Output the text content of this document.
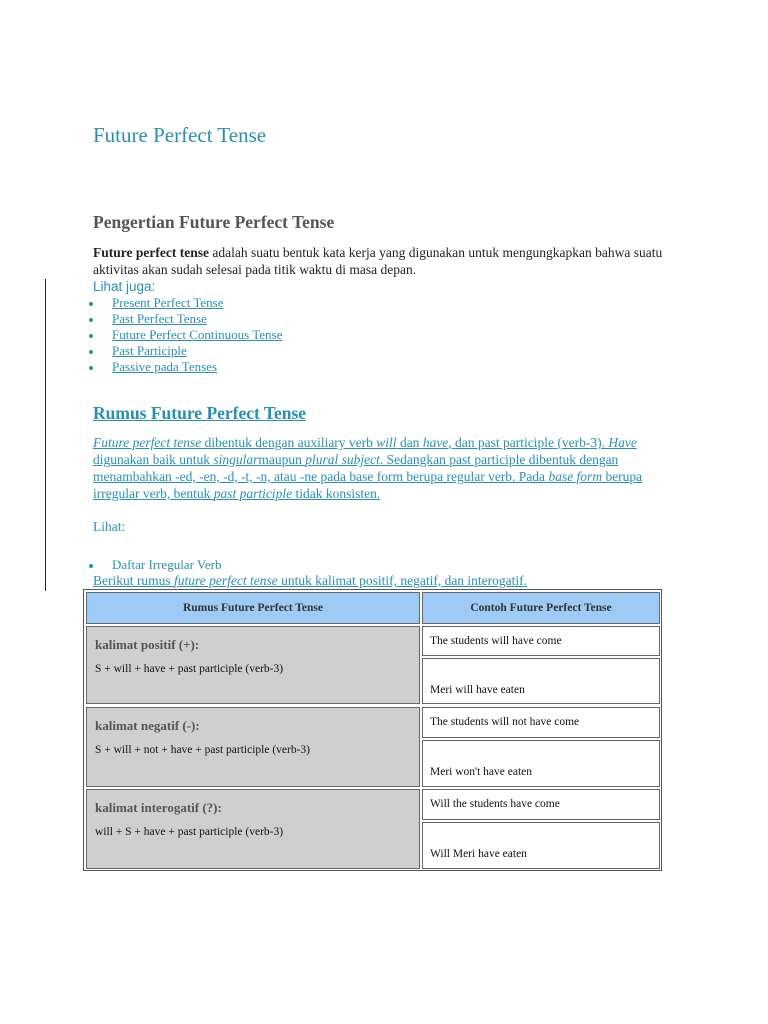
Future Perfect Tense
Pengertian Future Perfect Tense

Future perfect tense adalah suatu bentuk kata kerja yang digunakan untuk mengungkapkan bahwa suatu aktivitas akan sudah selesai pada titik waktu di masa depan.

Lihat juga:
Present Perfect Tense
Past Perfect Tense
Future Perfect Continuous Tense
Past Participle
Passive pada Tenses
Rumus Future Perfect Tense

Future perfect tense dibentuk dengan auxiliary verb will dan have, dan past participle (verb-3). Have digunakan baik untuk singularmaupun plural subject. Sedangkan past participle dibentuk dengan menambahkan -ed, -en, -d, -t, -n, atau -ne pada base form berupa regular verb. Pada base form berupa irregular verb, bentuk past participle tidak konsisten.

Lihat:
Daftar Irregular Verb
Berikut rumus future perfect tense untuk kalimat positif, negatif, dan interogatif.
Rumus Future Perfect Tense	Contoh Future Perfect Tense
kalimat positif (+):
S + will + have + past participle (verb-3)
The students will have come
Meri will have eaten
kalimat negatif (-):
S + will + not + have + past participle (verb-3)
The students will not have come
Meri won't have eaten
kalimat interogatif (?):
will + S + have + past participle (verb-3)
Will the students have come
Will Meri have eaten
